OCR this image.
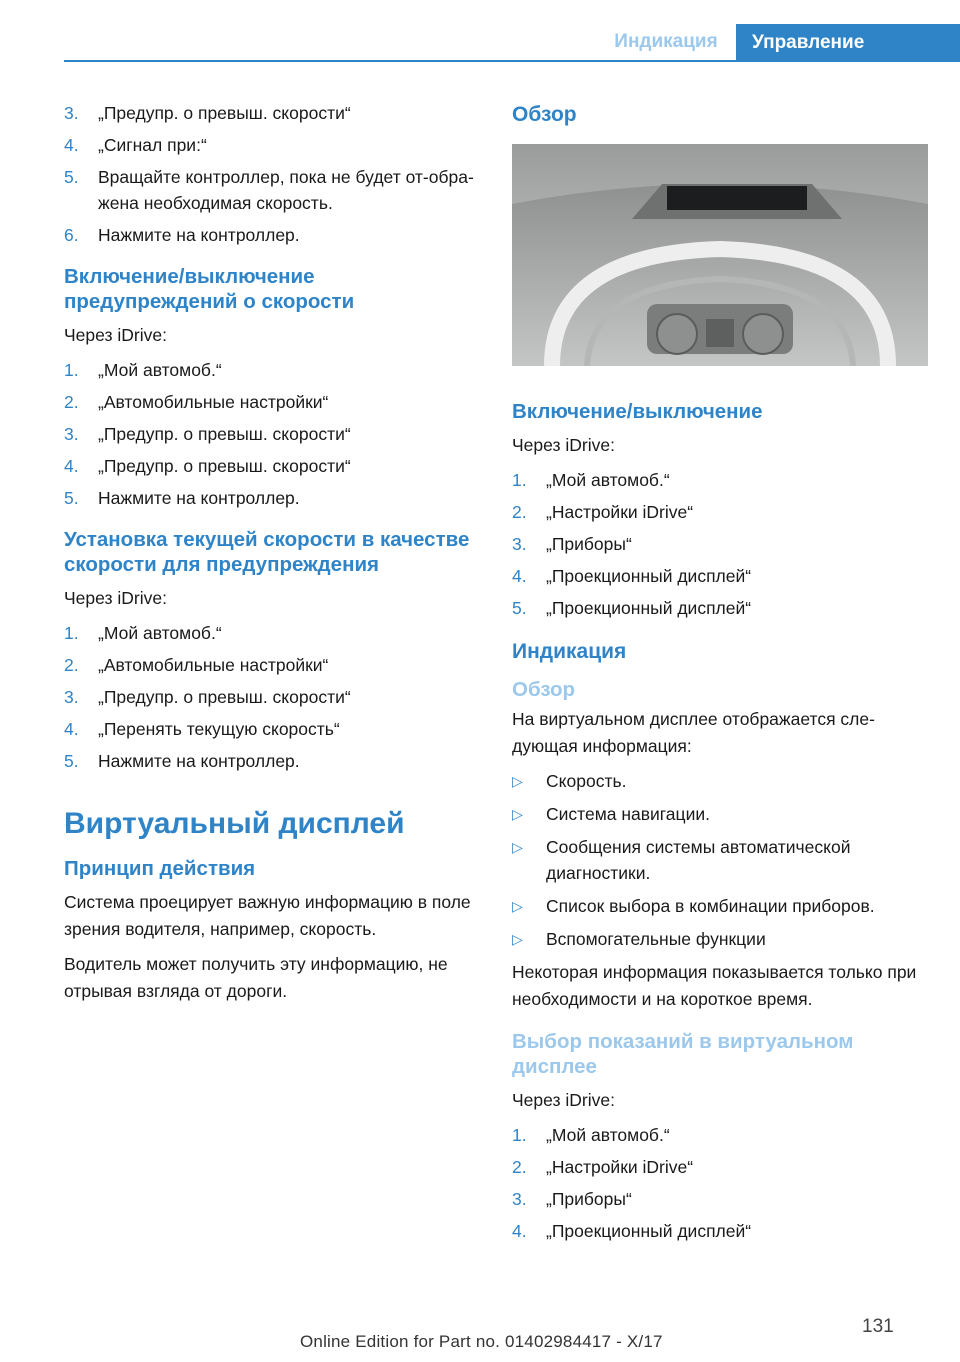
Индикация	Управление
3.	„Предупр. о превыш. скорости“
4.	„Сигнал при:“
5.	Вращайте контроллер, пока не будет от-ображена необходимая скорость.
6.	Нажмите на контроллер.
Включение/выключение предупреждений о скорости
Через iDrive:
1.	„Мой автомоб.“
2.	„Автомобильные настройки“
3.	„Предупр. о превыш. скорости“
4.	„Предупр. о превыш. скорости“
5.	Нажмите на контроллер.
Установка текущей скорости в качестве скорости для предупреждения
Через iDrive:
1.	„Мой автомоб.“
2.	„Автомобильные настройки“
3.	„Предупр. о превыш. скорости“
4.	„Перенять текущую скорость“
5.	Нажмите на контроллер.
Виртуальный дисплей
Принцип действия
Система проецирует важную информацию в поле зрения водителя, например, скорость.
Водитель может получить эту информацию, не отрывая взгляда от дороги.
Обзор
Включение/выключение
Через iDrive:
1.	„Мой автомоб.“
2.	„Настройки iDrive“
3.	„Приборы“
4.	„Проекционный дисплей“
5.	„Проекционный дисплей“
Индикация
Обзор
На виртуальном дисплее отображается сле-дующая информация:
▷	Скорость.
▷	Система навигации.
▷	Сообщения системы автоматической диагностики.
▷	Список выбора в комбинации приборов.
▷	Вспомогательные функции
Некоторая информация показывается только при необходимости и на короткое время.
Выбор показаний в виртуальном дисплее
Через iDrive:
1.	„Мой автомоб.“
2.	„Настройки iDrive“
3.	„Приборы“
4.	„Проекционный дисплей“
131
Online Edition for Part no. 01402984417 - X/17
